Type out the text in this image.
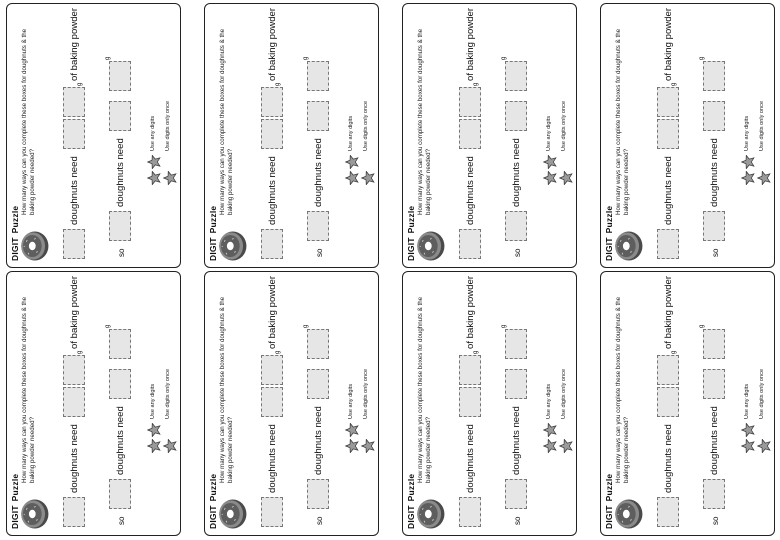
DIGITPuzzle
How many ways can you complete these boxes for doughnuts & the baking powder needed?	doughnuts need
g
of baking powder
so
doughnuts need
g
Use any digits Use digits only once
DIGITPuzzle
How many ways can you complete these boxes for doughnuts & the baking powder needed?	doughnuts need
g
of baking powder
so
doughnuts need
g
Use any digits Use digits only once
DIGITPuzzle
How many ways can you complete these boxes for doughnuts & the baking powder needed?	doughnuts need
g
of baking powder
so
doughnuts need
g
Use any digits Use digits only once
DIGITPuzzle
How many ways can you complete these boxes for doughnuts & the baking powder needed?	doughnuts need
g
of baking powder
so
doughnuts need
g
Use any digits Use digits only once
DIGITPuzzle
How many ways can you complete these boxes for doughnuts & the baking powder needed?	doughnuts need
g
of baking powder
so
doughnuts need
g
Use any digits Use digits only once
DIGITPuzzle
How many ways can you complete these boxes for doughnuts & the baking powder needed?	doughnuts need
g
of baking powder
so
doughnuts need
g
Use any digits Use digits only once
DIGITPuzzle
How many ways can you complete these boxes for doughnuts & the baking powder needed?	doughnuts need
g
of baking powder
so
doughnuts need
g
Use any digits Use digits only once
DIGITPuzzle
How many ways can you complete these boxes for doughnuts & the baking powder needed?	doughnuts need
g
of baking powder
so
doughnuts need
g
Use any digits Use digits only once
